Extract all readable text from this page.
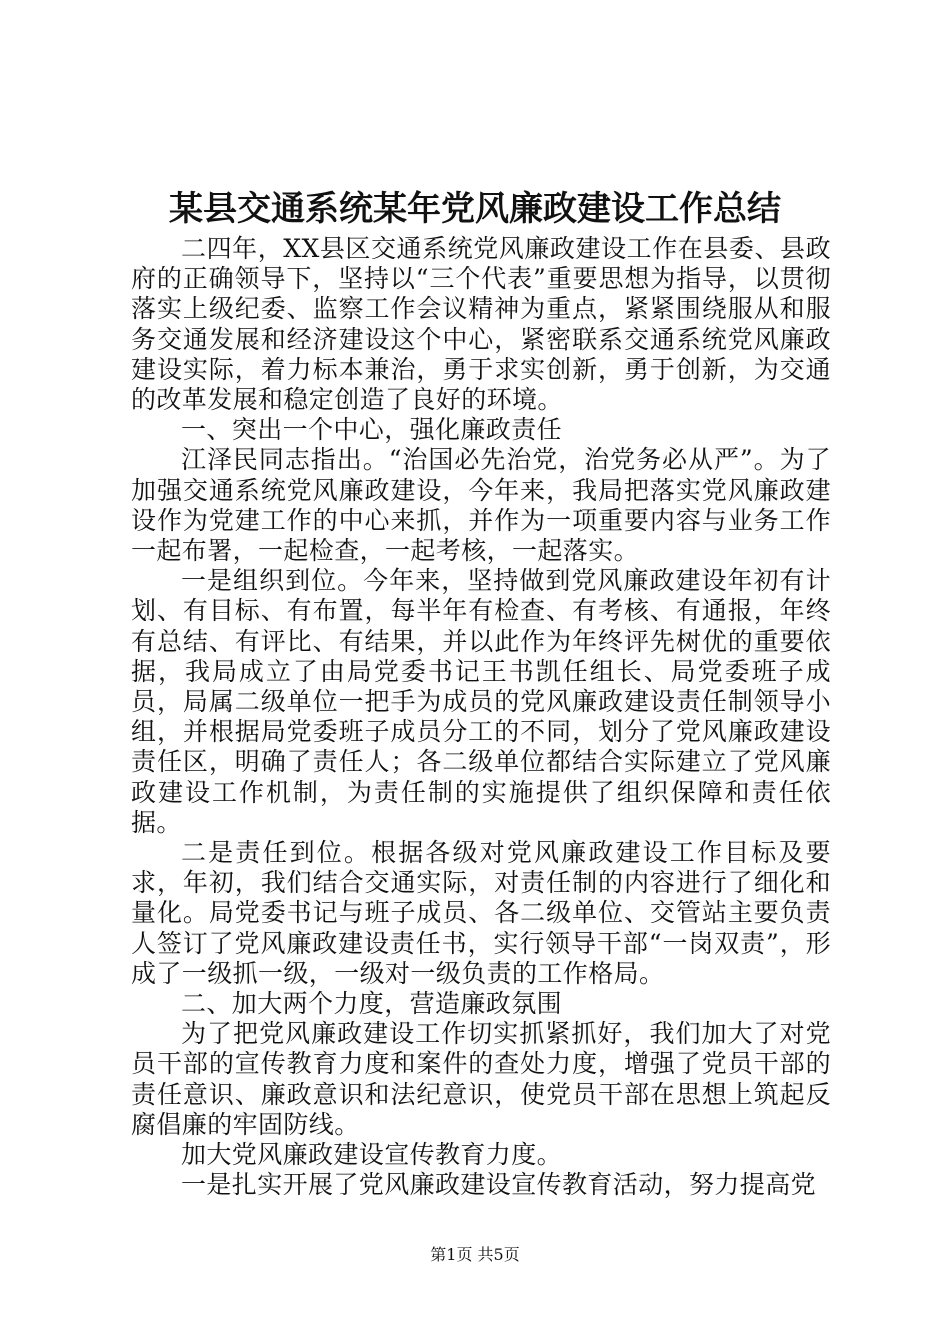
某县交通系统某年党风廉政建设工作总结

二四年，XX县区交通系统党风廉政建设工作在县委、县政府的正确领导下，坚持以“三个代表”重要思想为指导，以贯彻落实上级纪委、监察工作会议精神为重点，紧紧围绕服从和服务交通发展和经济建设这个中心，紧密联系交通系统党风廉政建设实际，着力标本兼治，勇于求实创新，勇于创新，为交通的改革发展和稳定创造了良好的环境。

一、突出一个中心，强化廉政责任

江泽民同志指出。“治国必先治党，治党务必从严”。为了加强交通系统党风廉政建设，今年来，我局把落实党风廉政建设作为党建工作的中心来抓，并作为一项重要内容与业务工作一起布署，一起检查，一起考核，一起落实。

一是组织到位。今年来，坚持做到党风廉政建设年初有计划、有目标、有布置，每半年有检查、有考核、有通报，年终有总结、有评比、有结果，并以此作为年终评先树优的重要依据，我局成立了由局党委书记王书凯任组长、局党委班子成员，局属二级单位一把手为成员的党风廉政建设责任制领导小组，并根据局党委班子成员分工的不同，划分了党风廉政建设责任区，明确了责任人；各二级单位都结合实际建立了党风廉政建设工作机制，为责任制的实施提供了组织保障和责任依据。

二是责任到位。根据各级对党风廉政建设工作目标及要求，年初，我们结合交通实际，对责任制的内容进行了细化和量化。局党委书记与班子成员、各二级单位、交管站主要负责人签订了党风廉政建设责任书，实行领导干部“一岗双责”，形成了一级抓一级，一级对一级负责的工作格局。

二、加大两个力度，营造廉政氛围

为了把党风廉政建设工作切实抓紧抓好，我们加大了对党员干部的宣传教育力度和案件的查处力度，增强了党员干部的责任意识、廉政意识和法纪意识，使党员干部在思想上筑起反腐倡廉的牢固防线。

加大党风廉政建设宣传教育力度。

一是扎实开展了党风廉政建设宣传教育活动，努力提高党

第1页 共5页
